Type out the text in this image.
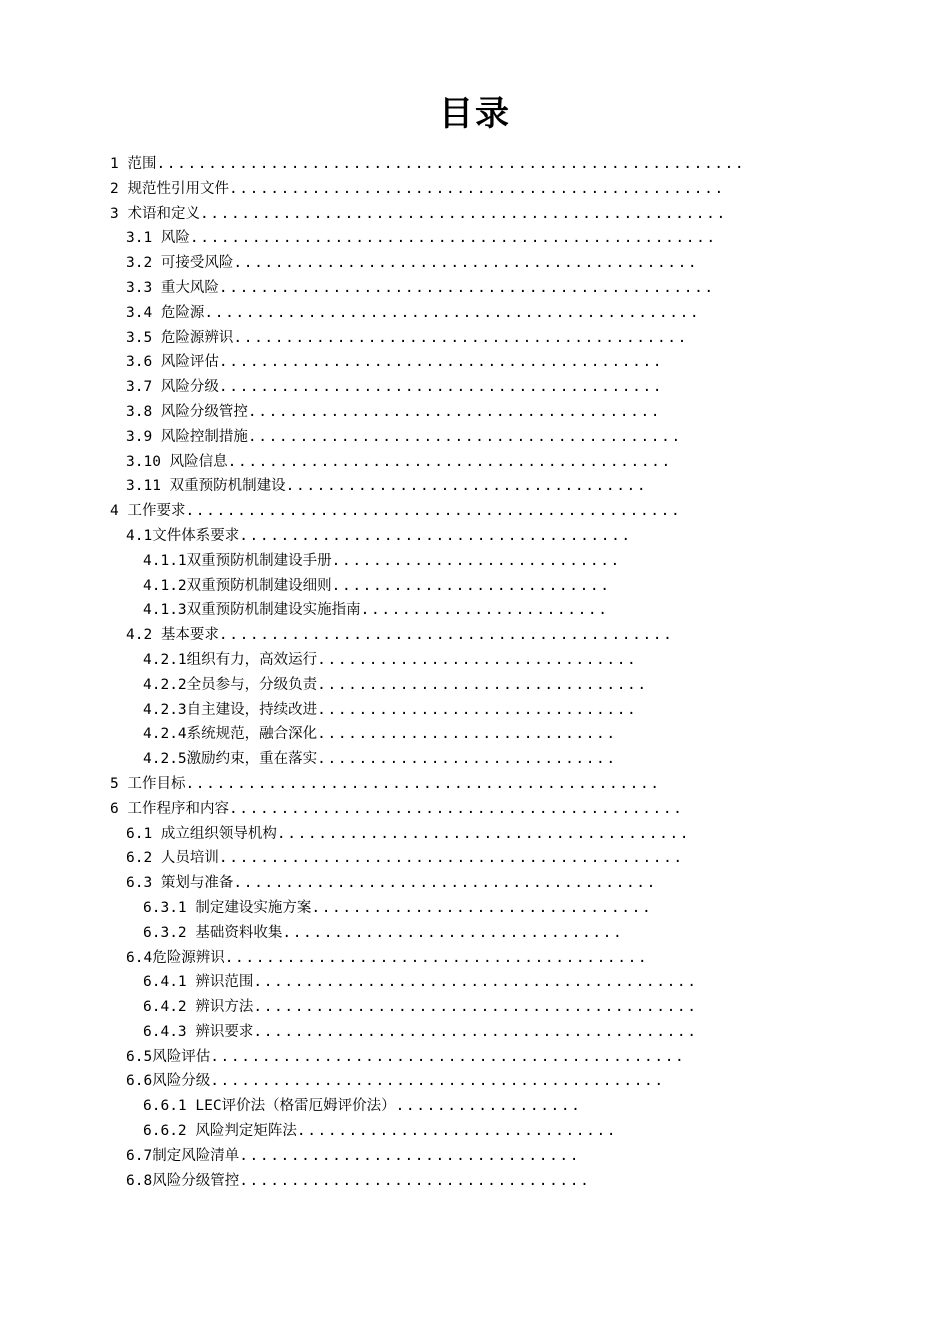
目录
1 范围.........................................................
2 规范性引用文件................................................
3 术语和定义...................................................
3.1 风险...................................................
3.2 可接受风险.............................................
3.3 重大风险................................................
3.4 危险源................................................
3.5 危险源辨识............................................
3.6 风险评估...........................................
3.7 风险分级...........................................
3.8 风险分级管控........................................
3.9 风险控制措施..........................................
3.10 风险信息...........................................
3.11 双重预防机制建设...................................
4 工作要求................................................
4.1文件体系要求......................................
4.1.1双重预防机制建设手册............................
4.1.2双重预防机制建设细则...........................
4.1.3双重预防机制建设实施指南........................
4.2 基本要求............................................
4.2.1组织有力，高效运行...............................
4.2.2全员参与，分级负责................................
4.2.3自主建设，持续改进...............................
4.2.4系统规范，融合深化.............................
4.2.5激励约束，重在落实.............................
5 工作目标..............................................
6 工作程序和内容............................................
6.1 成立组织领导机构........................................
6.2 人员培训.............................................
6.3 策划与准备.........................................
6.3.1 制定建设实施方案.................................
6.3.2 基础资料收集.................................
6.4危险源辨识.........................................
6.4.1 辨识范围...........................................
6.4.2 辨识方法...........................................
6.4.3 辨识要求...........................................
6.5风险评估..............................................
6.6风险分级............................................
6.6.1 LEC评价法（格雷厄姆评价法）..................
6.6.2 风险判定矩阵法...............................
6.7制定风险清单.................................
6.8风险分级管控..................................
